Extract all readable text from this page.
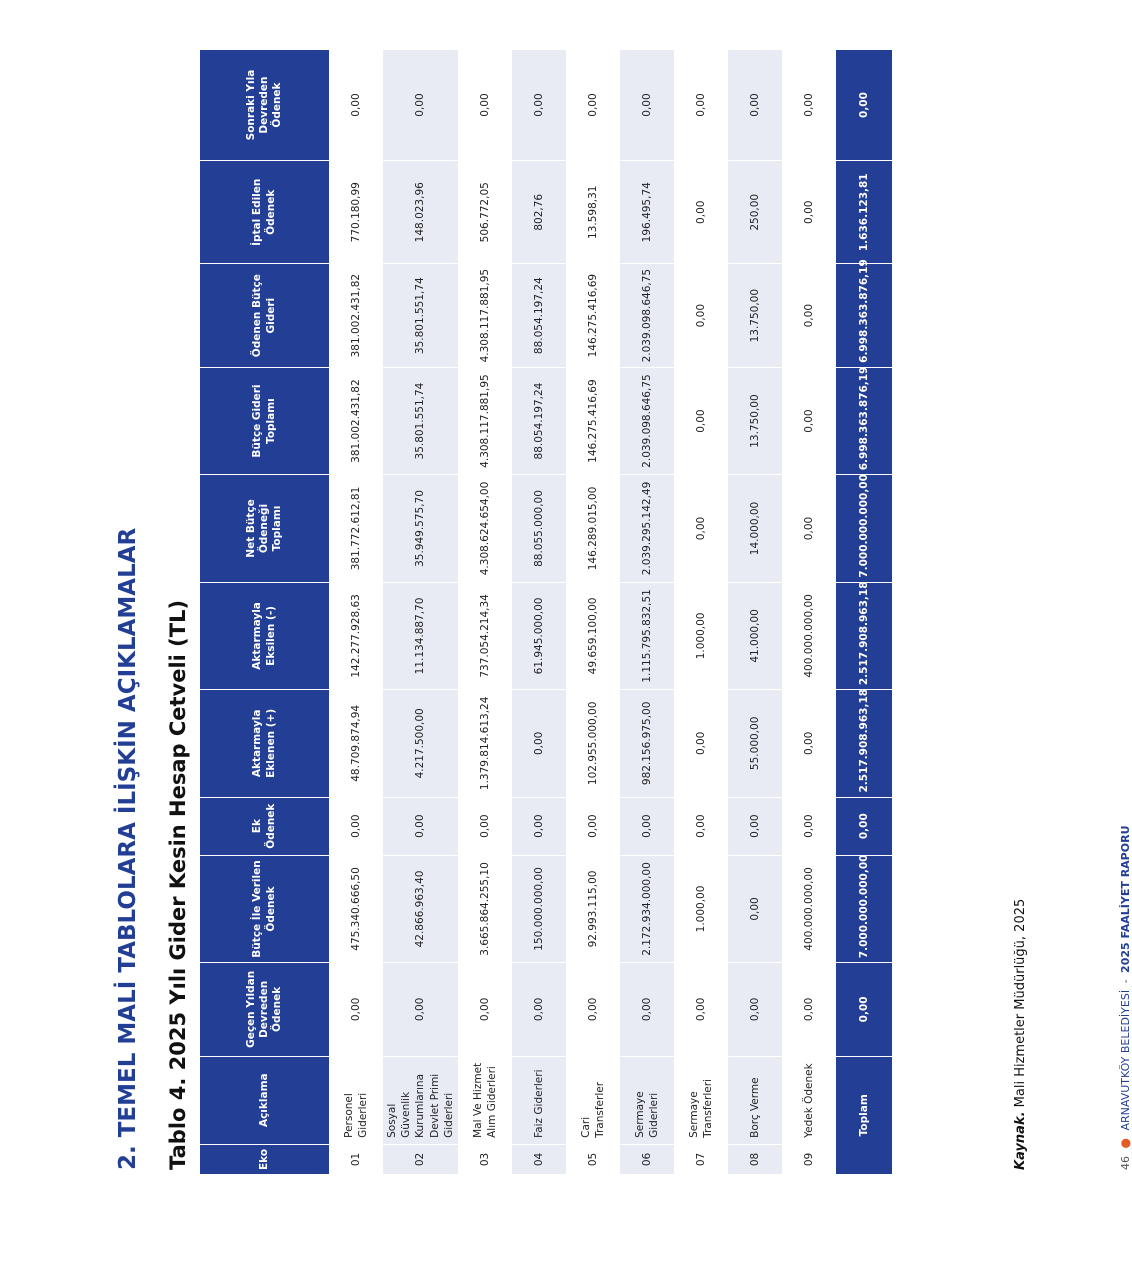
2. TEMEL MALİ TABLOLARA İLİŞKİN AÇIKLAMALAR Tablo 4. 2025 Yılı Gider Kesin Hesap Cetveli (TL)
Eko	Açıklama	Geçen Yıldan Devreden Ödenek	Bütçe İle Verilen Ödenek	Ek Ödenek	Aktarmayla Eklenen (+)	Aktarmayla Eksilen (-)	Net Bütçe Ödeneği Toplamı	Bütçe Gideri Toplamı	Ödenen Bütçe Gideri	İptal Edilen Ödenek	Sonraki Yıla Devreden Ödenek
01	Personel Giderleri	0,00	475.340.666,50	0,00	48.709.874,94	142.277.928,63	381.772.612,81	381.002.431,82	381.002.431,82	770.180,99	0,00
02	Sosyal Güvenlik Kurumlarına Devlet Primi Giderleri	0,00	42.866.963,40	0,00	4.217.500,00	11.134.887,70	35.949.575,70	35.801.551,74	35.801.551,74	148.023,96	0,00
03	Mal Ve Hizmet Alım Giderleri	0,00	3.665.864.255,10	0,00	1.379.814.613,24	737.054.214,34	4.308.624.654,00	4.308.117.881,95	4.308.117.881,95	506.772,05	0,00
04	Faiz Giderleri	0,00	150.000.000,00	0,00	0,00	61.945.000,00	88.055.000,00	88.054.197,24	88.054.197,24	802,76	0,00
05	Cari Transferler	0,00	92.993.115,00	0,00	102.955.000,00	49.659.100,00	146.289.015,00	146.275.416,69	146.275.416,69	13.598,31	0,00
06	Sermaye Giderleri	0,00	2.172.934.000,00	0,00	982.156.975,00	1.115.795.832,51	2.039.295.142,49	2.039.098.646,75	2.039.098.646,75	196.495,74	0,00
07	Sermaye Transferleri	0,00	1.000,00	0,00	0,00	1.000,00	0,00	0,00	0,00	0,00	0,00
08	Borç Verme	0,00	0,00	0,00	55.000,00	41.000,00	14.000,00	13.750,00	13.750,00	250,00	0,00
09	Yedek Ödenek	0,00	400.000.000,00	0,00	0,00	400.000.000,00	0,00	0,00	0,00	0,00	0,00
Toplam		0,00	7.000.000.000,00	0,00	2.517.908.963,18	2.517.908.963,18	7.000.000.000,00	6.998.363.876,19	6.998.363.876,19	1.636.123,81	0,00

Kaynak. Mali Hizmetler Müdürlüğü, 2025

46 ● ARNAVUTKÖY BELEDİYESİ - 2025 FAALİYET RAPORU
